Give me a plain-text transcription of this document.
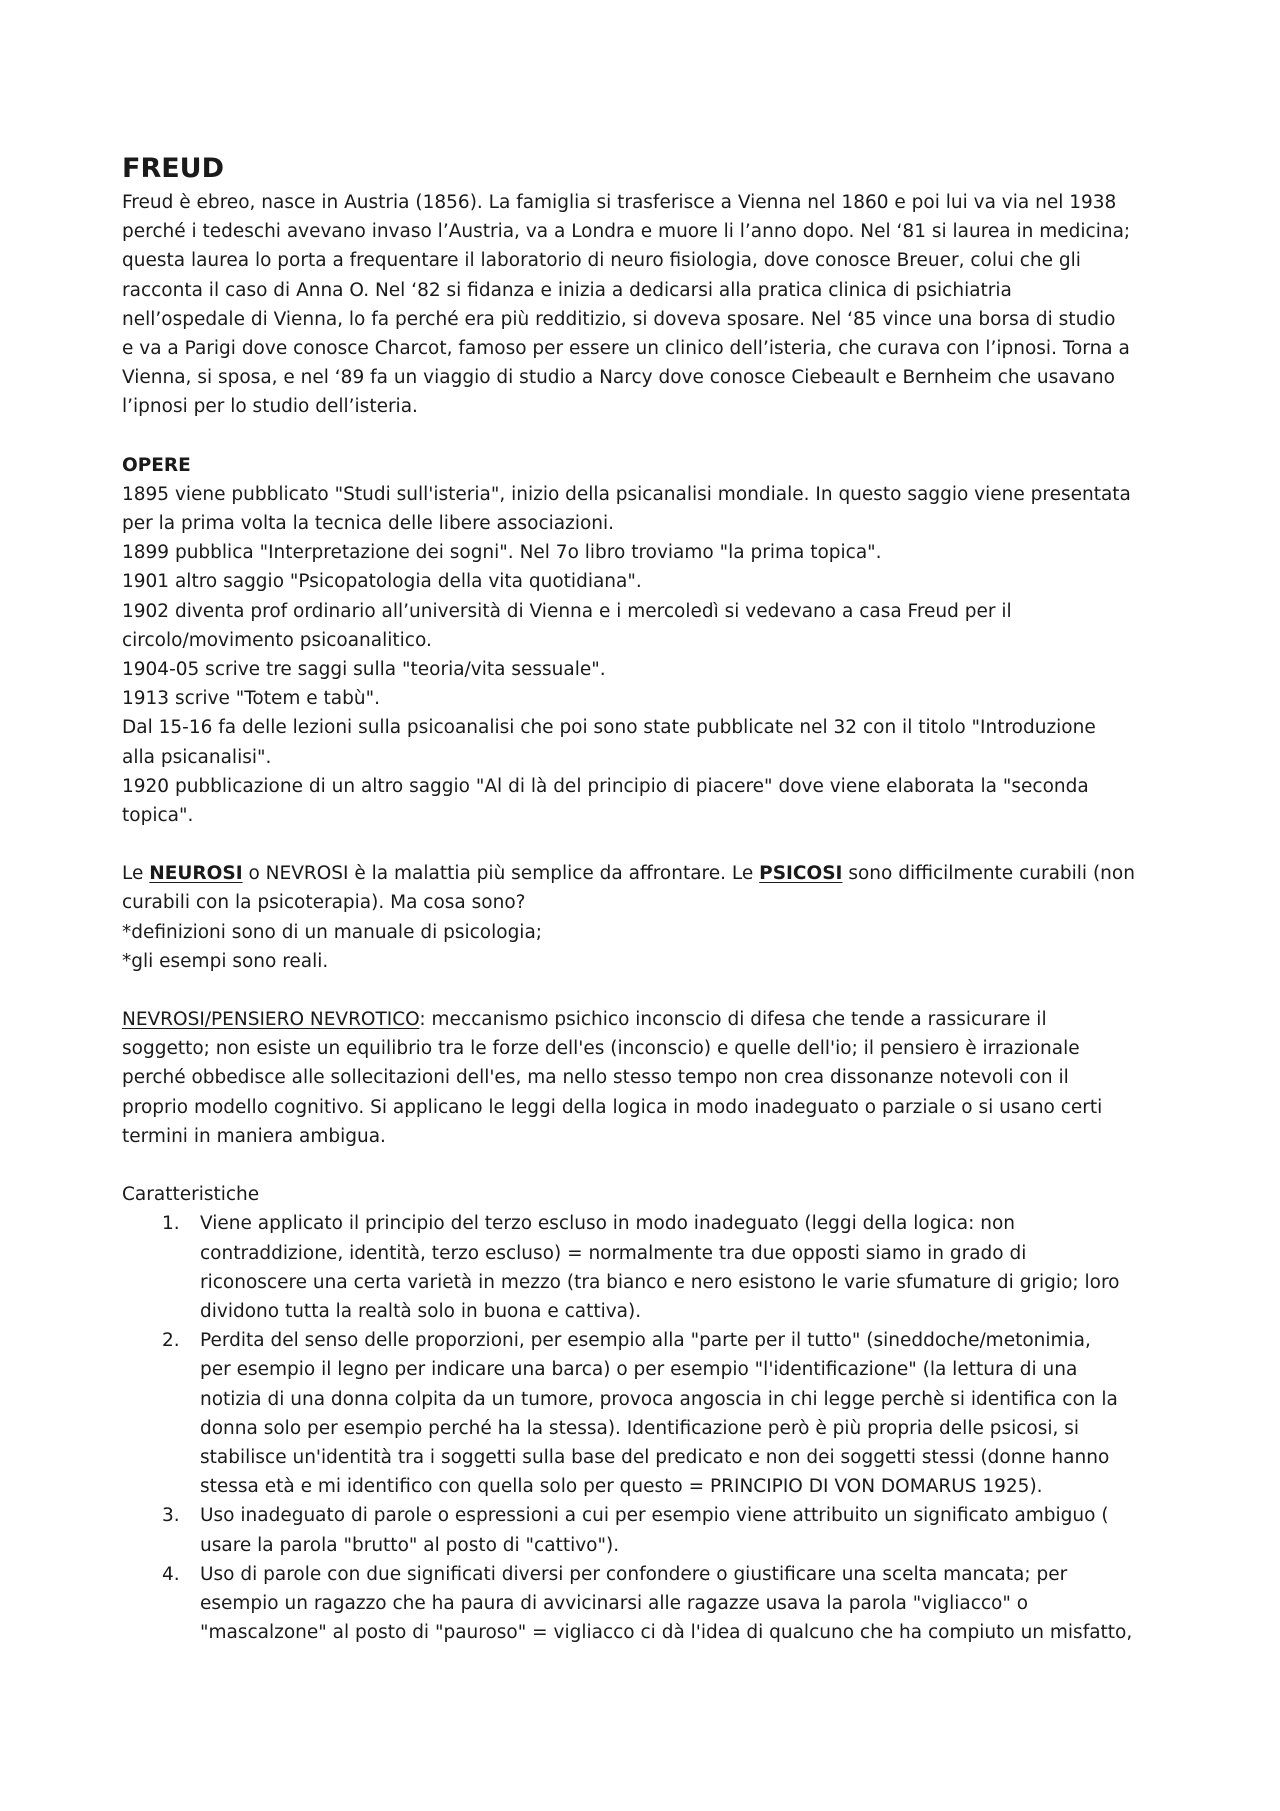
FREUD

Freud è ebreo, nasce in Austria (1856). La famiglia si trasferisce a Vienna nel 1860 e poi lui va via nel 1938
perché i tedeschi avevano invaso l’Austria, va a Londra e muore li l’anno dopo. Nel ‘81 si laurea in medicina;
questa laurea lo porta a frequentare il laboratorio di neuro fisiologia, dove conosce Breuer, colui che gli
racconta il caso di Anna O. Nel ‘82 si fidanza e inizia a dedicarsi alla pratica clinica di psichiatria
nell’ospedale di Vienna, lo fa perché era più redditizio, si doveva sposare. Nel ‘85 vince una borsa di studio
e va a Parigi dove conosce Charcot, famoso per essere un clinico dell’isteria, che curava con l’ipnosi. Torna a
Vienna, si sposa, e nel ‘89 fa un viaggio di studio a Narcy dove conosce Ciebeault e Bernheim che usavano
l’ipnosi per lo studio dell’isteria.

OPERE

1895 viene pubblicato "Studi sull'isteria", inizio della psicanalisi mondiale. In questo saggio viene presentata
per la prima volta la tecnica delle libere associazioni.
1899 pubblica "Interpretazione dei sogni". Nel 7o libro troviamo "la prima topica".
1901 altro saggio "Psicopatologia della vita quotidiana".
1902 diventa prof ordinario all’università di Vienna e i mercoledì si vedevano a casa Freud per il
circolo/movimento psicoanalitico.
1904-05 scrive tre saggi sulla "teoria/vita sessuale".
1913 scrive "Totem e tabù".
Dal 15-16 fa delle lezioni sulla psicoanalisi che poi sono state pubblicate nel 32 con il titolo "Introduzione
alla psicanalisi".
1920 pubblicazione di un altro saggio "Al di là del principio di piacere" dove viene elaborata la "seconda
topica".

Le NEUROSI o NEVROSI è la malattia più semplice da affrontare. Le PSICOSI sono difficilmente curabili (non
curabili con la psicoterapia). Ma cosa sono?
*definizioni sono di un manuale di psicologia;
*gli esempi sono reali.

NEVROSI/PENSIERO NEVROTICO: meccanismo psichico inconscio di difesa che tende a rassicurare il
soggetto; non esiste un equilibrio tra le forze dell'es (inconscio) e quelle dell'io; il pensiero è irrazionale
perché obbedisce alle sollecitazioni dell'es, ma nello stesso tempo non crea dissonanze notevoli con il
proprio modello cognitivo. Si applicano le leggi della logica in modo inadeguato o parziale o si usano certi
termini in maniera ambigua.

Caratteristiche
1. Viene applicato il principio del terzo escluso in modo inadeguato (leggi della logica: non
contraddizione, identità, terzo escluso) = normalmente tra due opposti siamo in grado di
riconoscere una certa varietà in mezzo (tra bianco e nero esistono le varie sfumature di grigio; loro
dividono tutta la realtà solo in buona e cattiva).
2. Perdita del senso delle proporzioni, per esempio alla "parte per il tutto" (sineddoche/metonimia,
per esempio il legno per indicare una barca) o per esempio "l'identificazione" (la lettura di una
notizia di una donna colpita da un tumore, provoca angoscia in chi legge perchè si identifica con la
donna solo per esempio perché ha la stessa). Identificazione però è più propria delle psicosi, si
stabilisce un'identità tra i soggetti sulla base del predicato e non dei soggetti stessi (donne hanno
stessa età e mi identifico con quella solo per questo = PRINCIPIO DI VON DOMARUS 1925).
3. Uso inadeguato di parole o espressioni a cui per esempio viene attribuito un significato ambiguo (
usare la parola "brutto" al posto di "cattivo").
4. Uso di parole con due significati diversi per confondere o giustificare una scelta mancata; per
esempio un ragazzo che ha paura di avvicinarsi alle ragazze usava la parola "vigliacco" o
"mascalzone" al posto di "pauroso" = vigliacco ci dà l'idea di qualcuno che ha compiuto un misfatto,
